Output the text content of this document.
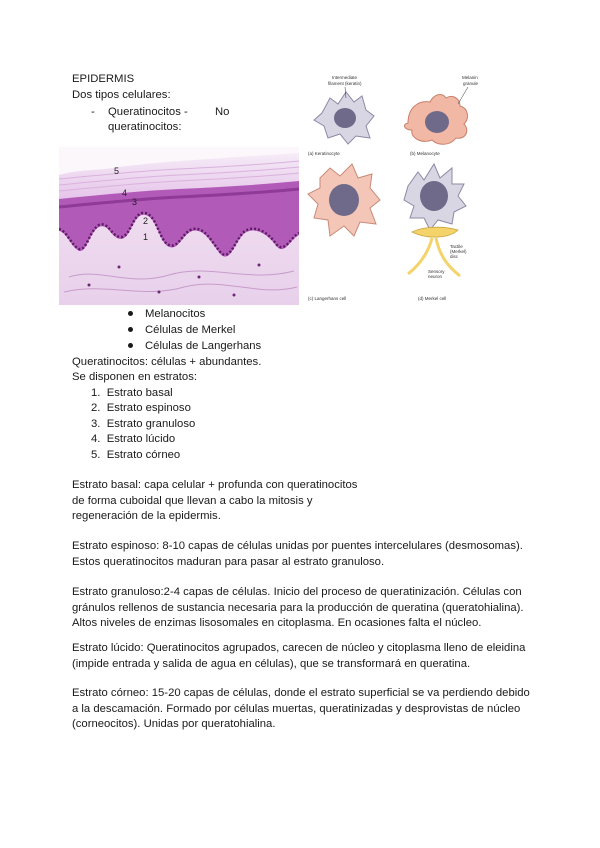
EPIDERMIS
Dos tipos celulares:
- Queratinocitos - No
queratinocitos:
5
4
3
2
1
Intermediate
filament (keratin)
(a) Keratinocyte
Melanin
granule
(b) Melanocyte
(c) Langerhans cell
Tactile
(Merkel)
disc
Sensory
neuron
(d) Merkel cell
Melanocitos
Células de Merkel
Células de Langerhans
Queratinocitos: células + abundantes.
Se disponen en estratos:
1. Estrato basal
2. Estrato espinoso
3. Estrato granuloso
4. Estrato lúcido
5. Estrato córneo
Estrato basal: capa celular + profunda con queratinocitos
de forma cuboidal que llevan a cabo la mitosis y
regeneración de la epidermis.
Estrato espinoso: 8-10 capas de células unidas por puentes intercelulares (desmosomas).
Estos queratinocitos maduran para pasar al estrato granuloso.
Estrato granuloso:2-4 capas de células. Inicio del proceso de queratinización. Células con
gránulos rellenos de sustancia necesaria para la producción de queratina (queratohialina).
Altos niveles de enzimas lisosomales en citoplasma. En ocasiones falta el núcleo.
Estrato lúcido: Queratinocitos agrupados, carecen de núcleo y citoplasma lleno de eleidina
(impide entrada y salida de agua en células), que se transformará en queratina.
Estrato córneo: 15-20 capas de células, donde el estrato superficial se va perdiendo debido
a la descamación. Formado por células muertas, queratinizadas y desprovistas de núcleo
(corneocitos). Unidas por queratohialina.
